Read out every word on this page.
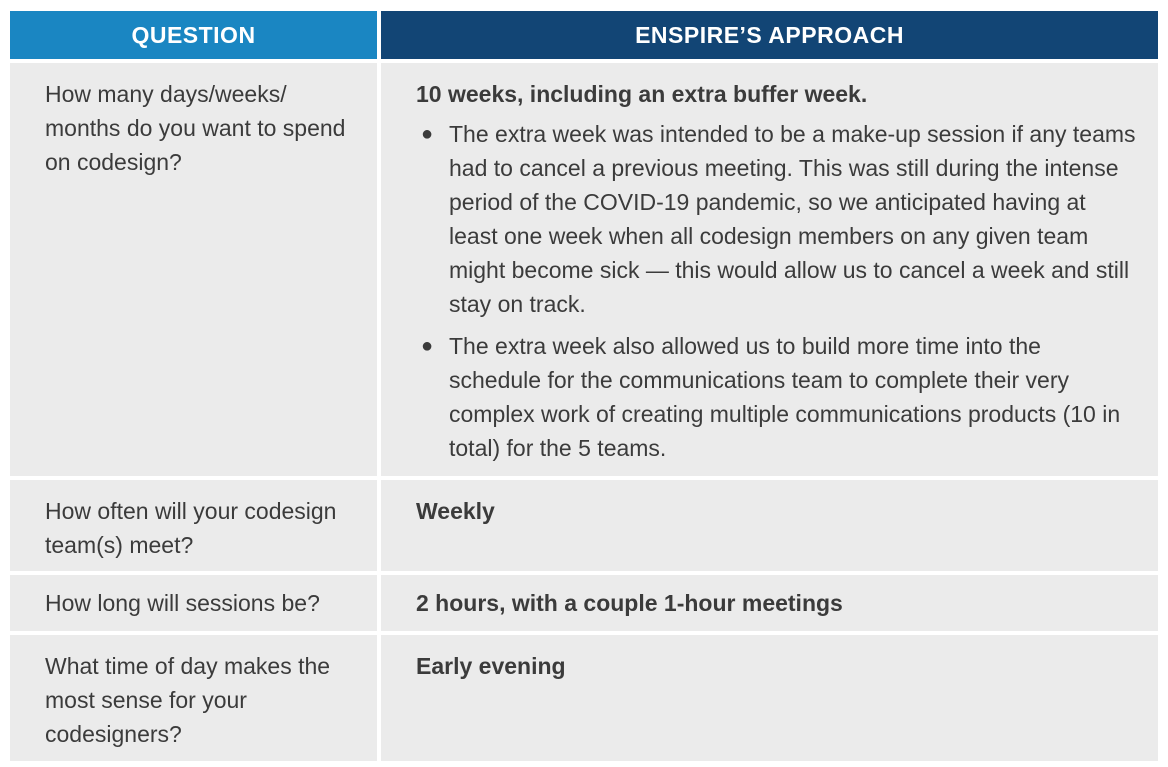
QUESTION	ENSPIRE’S APPROACH
How many days/weeks/ months do you want to spend on codesign?
10 weeks, including an extra buffer week.
● The extra week was intended to be a make-up session if any teams had to cancel a previous meeting. This was still during the intense period of the COVID-19 pandemic, so we anticipated having at least one week when all codesign members on any given team might become sick — this would allow us to cancel a week and still stay on track.
● The extra week also allowed us to build more time into the schedule for the communications team to complete their very complex work of creating multiple communications products (10 in total) for the 5 teams.
How often will your codesign team(s) meet?
Weekly
How long will sessions be?	2 hours, with a couple 1-hour meetings
What time of day makes the most sense for your codesigners?
Early evening
